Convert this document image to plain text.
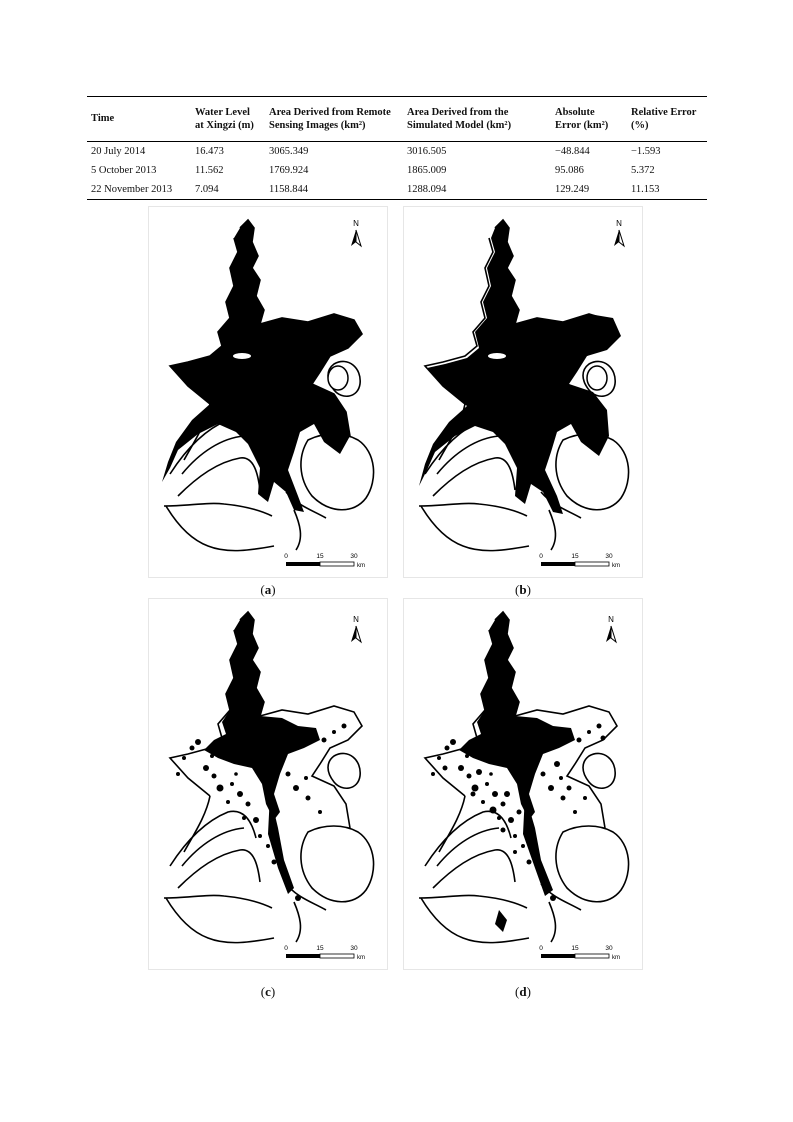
Time	Water Level at Xingzi (m)	Area Derived from Remote Sensing Images (km²)	Area Derived from the Simulated Model (km²)	Absolute Error (km²)	Relative Error (%)
20 July 2014	16.473	3065.349	3016.505	−48.844	−1.593
5 October 2013	11.562	1769.924	1865.009	95.086	5.372
22 November 2013	7.094	1158.844	1288.094	129.249	11.153
N
0	15	30
km
(a)
N
0	15	30
km
(b)
N
0	15	30
km
(c)
N
0	15	30
km
(d)
